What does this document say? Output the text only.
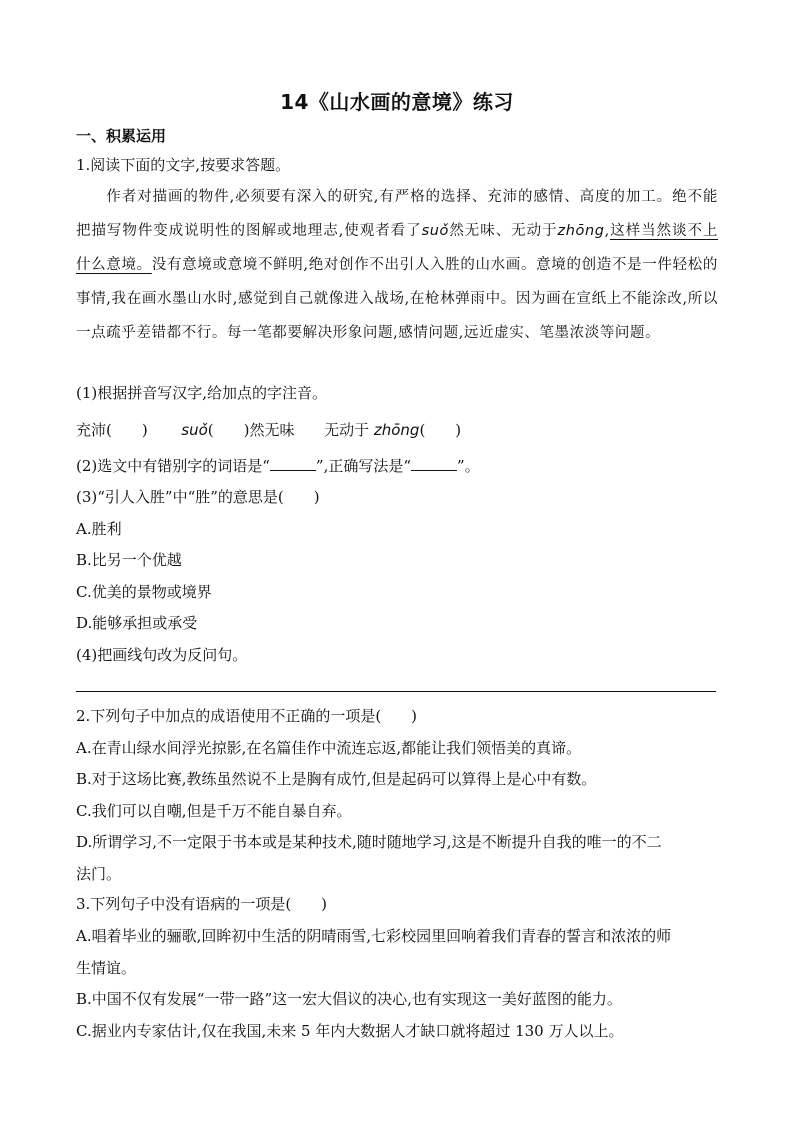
14《山水画的意境》练习
一、积累运用
1.阅读下面的文字,按要求答题。
作者对描画的物件,必须要有深入的研究,有严格的选择、充沛的感情、高度的加工。绝不能把描写物件变成说明性的图解或地理志,使观者看了suǒ然无味、无动于zhōng,这样当然谈不上什么意境。没有意境或意境不鲜明,绝对创作不出引人入胜的山水画。意境的创造不是一件轻松的事情,我在画水墨山水时,感觉到自己就像进入战场,在枪林弹雨中。因为画在宣纸上不能涂改,所以一点疏乎差错都不行。每一笔都要解决形象问题,感情问题,远近虚实、笔墨浓淡等问题。
(1)根据拼音写汉字,给加点的字注音。
充沛(　　) suǒ(　　)然无味 无动于 zhōng(　　)
(2)选文中有错别字的词语是“	”,正确写法是“	”。
(3)“引人入胜”中“胜”的意思是(　　)
A.胜利
B.比另一个优越
C.优美的景物或境界
D.能够承担或承受
(4)把画线句改为反问句。
2.下列句子中加点的成语使用不正确的一项是(　　)
A.在青山绿水间浮光掠影,在名篇佳作中流连忘返,都能让我们领悟美的真谛。
B.对于这场比赛,教练虽然说不上是胸有成竹,但是起码可以算得上是心中有数。
C.我们可以自嘲,但是千万不能自暴自弃。
D.所谓学习,不一定限于书本或是某种技术,随时随地学习,这是不断提升自我的唯一的不二
法门。
3.下列句子中没有语病的一项是(　　)
A.唱着毕业的骊歌,回眸初中生活的阴晴雨雪,七彩校园里回响着我们青春的誓言和浓浓的师
生情谊。
B.中国不仅有发展“一带一路”这一宏大倡议的决心,也有实现这一美好蓝图的能力。
C.据业内专家估计,仅在我国,未来 5 年内大数据人才缺口就将超过 130 万人以上。
